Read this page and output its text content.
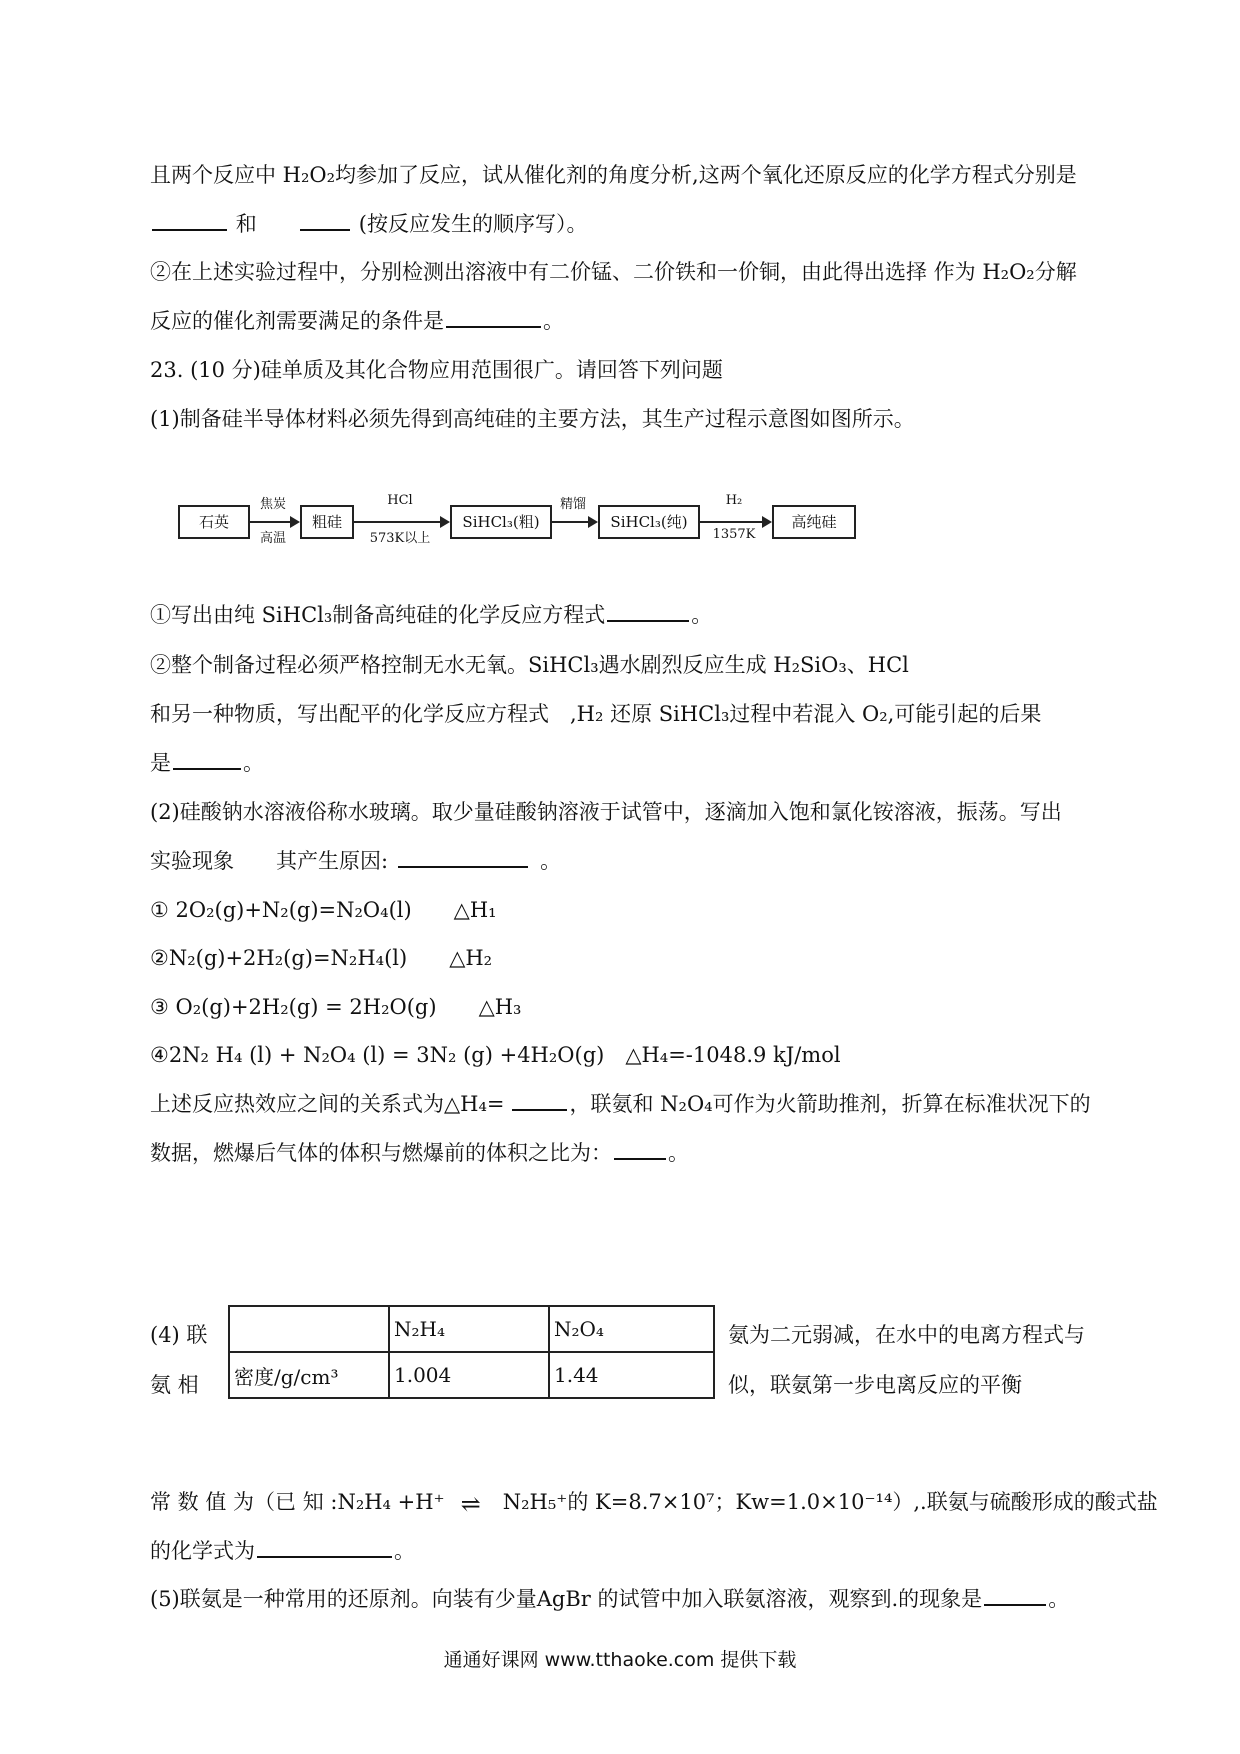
且两个反应中 H₂O₂均参加了反应，试从催化剂的角度分析,这两个氧化还原反应的化学方程式分别是
和	(按反应发生的顺序写）。
②在上述实验过程中，分别检测出溶液中有二价锰、二价铁和一价铜，由此得出选择 作为 H₂O₂分解
反应的催化剂需要满足的条件是	。
23. (10 分)硅单质及其化合物应用范围很广。请回答下列问题
(1)制备硅半导体材料必须先得到高纯硅的主要方法，其生产过程示意图如图所示。
石英
焦炭
高温
粗硅
HCl
573K以上
SiHCl₃(粗)
精馏
SiHCl₃(纯)
H₂
1357K
高纯硅
①写出由纯 SiHCl₃制备高纯硅的化学反应方程式	。
②整个制备过程必须严格控制无水无氧。SiHCl₃遇水剧烈反应生成 H₂SiO₃、HCl
和另一种物质，写出配平的化学反应方程式　,H₂ 还原 SiHCl₃过程中若混入 O₂,可能引起的后果
是	。
(2)硅酸钠水溶液俗称水玻璃。取少量硅酸钠溶液于试管中，逐滴加入饱和氯化铵溶液，振荡。写出
实验现象　　其产生原因:	。
① 2O₂(g)+N₂(g)=N₂O₄(l)　　△H₁
②N₂(g)+2H₂(g)=N₂H₄(l)　　△H₂
③ O₂(g)+2H₂(g) = 2H₂O(g)　　△H₃
④2N₂ H₄ (l) + N₂O₄ (l) = 3N₂ (g) +4H₂O(g)　△H₄=-1048.9 kJ/mol
上述反应热效应之间的关系式为△H₄=	，联氨和 N₂O₄可作为火箭助推剂，折算在标准状况下的
数据，燃爆后气体的体积与燃爆前的体积之比为：	。
(4) 联
氨 相
	N₂H₄	N₂O₄
密度/g/cm³	1.004	1.44
氨为二元弱减，在水中的电离方程式与
似，联氨第一步电离反应的平衡
常 数 值 为（已 知 :N₂H₄ +H⁺ ⇌ N₂H₅⁺的 K=8.7×10⁷；Kw=1.0×10⁻¹⁴）,.联氨与硫酸形成的酸式盐
的化学式为	。
(5)联氨是一种常用的还原剂。向装有少量AgBr 的试管中加入联氨溶液，观察到.的现象是	。
通通好课网 www.tthaoke.com 提供下载
